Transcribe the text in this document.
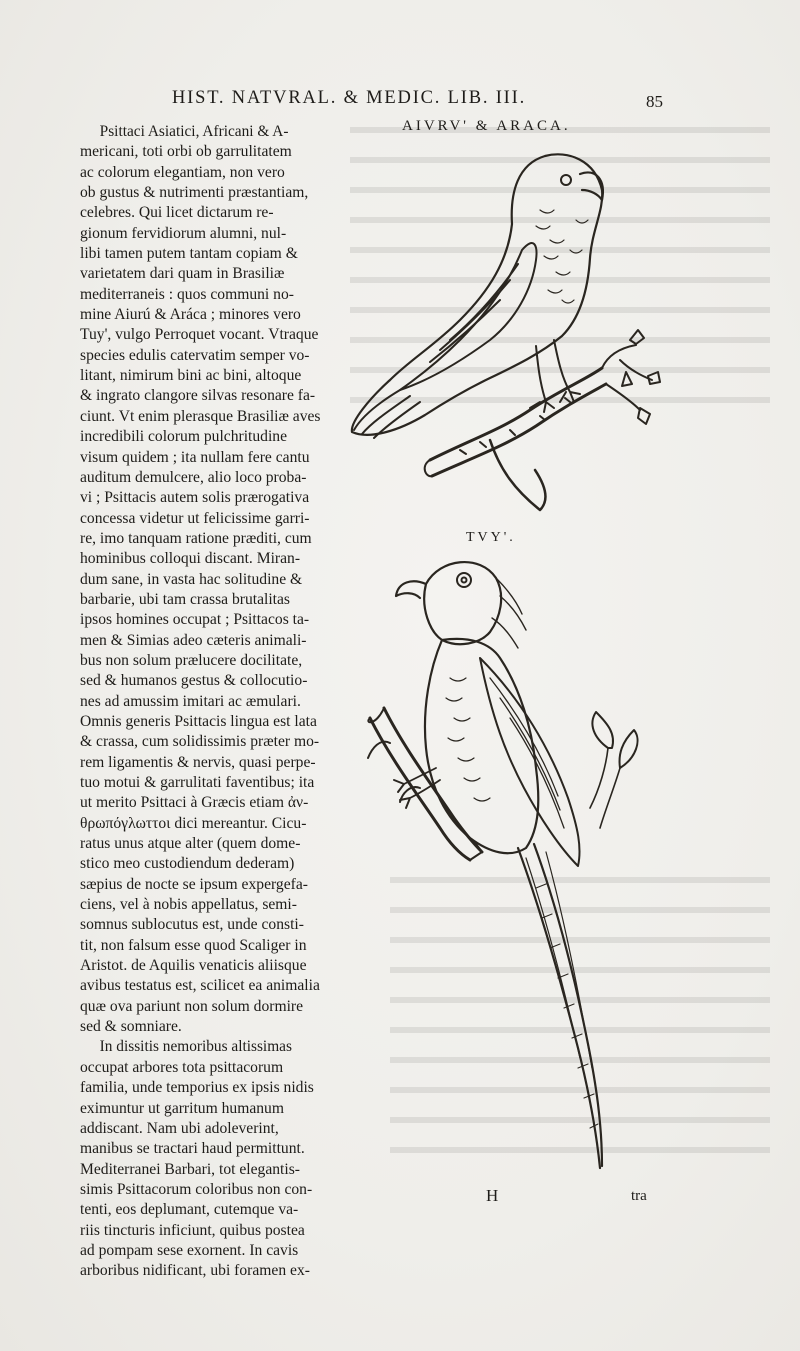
HIST. NATVRAL. & MEDIC. LIB. III.	85
AIVRV' & ARACA.
TVY'.
Psittaci Asiatici, Africani & A-
mericani, toti orbi ob garrulitatem
ac colorum elegantiam, non vero
ob gustus & nutrimenti præstantiam,
celebres. Qui licet dictarum re-
gionum fervidiorum alumni, nul-
libi tamen putem tantam copiam &
varietatem dari quam in Brasiliæ
mediterraneis : quos communi no-
mine Aiurú & Aráca ; minores vero
Tuy', vulgo Perroquet vocant. Vtraque
species edulis catervatim semper vo-
litant, nimirum bini ac bini, altoque
& ingrato clangore silvas resonare fa-
ciunt. Vt enim plerasque Brasiliæ aves
incredibili colorum pulchritudine
visum quidem ; ita nullam fere cantu
auditum demulcere, alio loco proba-
vi ; Psittacis autem solis prærogativa
concessa videtur ut felicissime garri-
re, imo tanquam ratione præditi, cum
hominibus colloqui discant. Miran-
dum sane, in vasta hac solitudine &
barbarie, ubi tam crassa brutalitas
ipsos homines occupat ; Psittacos ta-
men & Simias adeo cæteris animali-
bus non solum prælucere docilitate,
sed & humanos gestus & collocutio-
nes ad amussim imitari ac æmulari.
Omnis generis Psittacis lingua est lata
& crassa, cum solidissimis præter mo-
rem ligamentis & nervis, quasi perpe-
tuo motui & garrulitati faventibus; ita
ut merito Psittaci à Græcis etiam ἀν-
θρωπόγλωττοι dici mereantur. Cicu-
ratus unus atque alter (quem dome-
stico meo custodiendum dederam)
sæpius de nocte se ipsum expergefa-
ciens, vel à nobis appellatus, semi-
somnus sublocutus est, unde consti-
tit, non falsum esse quod Scaliger in
Aristot. de Aquilis venaticis aliisque
avibus testatus est, scilicet ea animalia
quæ ova pariunt non solum dormire
sed & somniare.
In dissitis nemoribus altissimas
occupat arbores tota psittacorum
familia, unde temporius ex ipsis nidis
eximuntur ut garritum humanum
addiscant. Nam ubi adoleverint,
manibus se tractari haud permittunt.
Mediterranei Barbari, tot elegantis-
simis Psittacorum coloribus non con-
tenti, eos deplumant, cutemque va-
riis tincturis inficiunt, quibus postea
ad pompam sese exornent. In cavis
arboribus nidificant, ubi foramen ex-
H	tra
